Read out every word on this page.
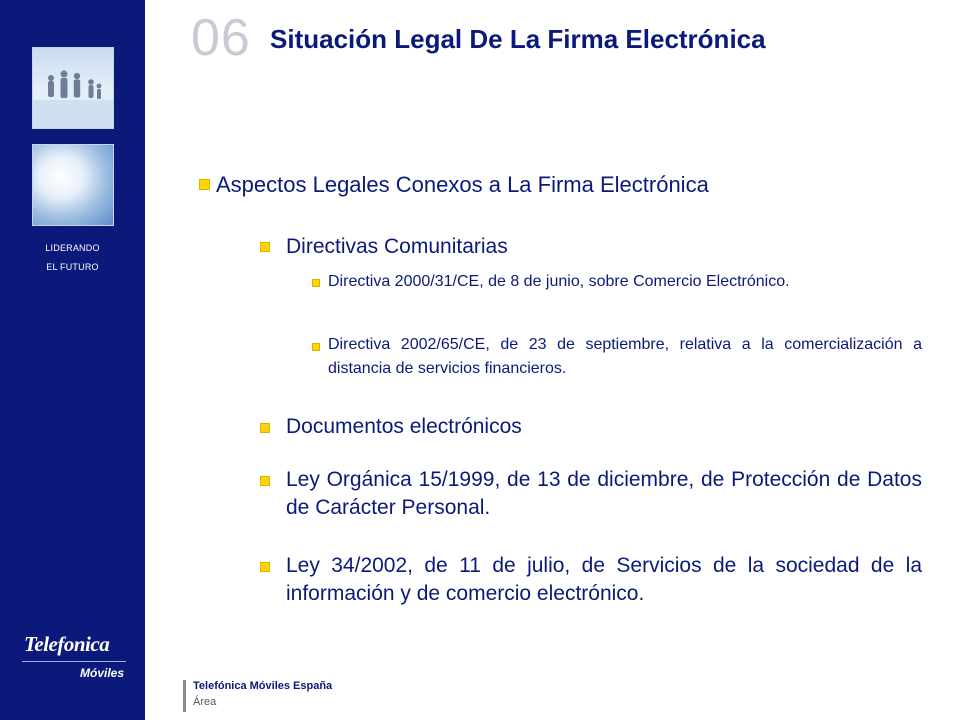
LIDERANDO
EL FUTURO
Telefonica
Móviles
06 Situación Legal De La Firma Electrónica
Aspectos Legales Conexos a La Firma Electrónica
Directivas Comunitarias
Directiva 2000/31/CE, de 8 de junio, sobre Comercio Electrónico.
Directiva 2002/65/CE, de 23 de septiembre, relativa a la comercialización a distancia de servicios financieros.
Documentos electrónicos
Ley Orgánica 15/1999, de 13 de diciembre, de Protección de Datos de Carácter Personal.
Ley 34/2002, de 11 de julio, de Servicios de la sociedad de la información y de comercio electrónico.
Telefónica Móviles España
Área
